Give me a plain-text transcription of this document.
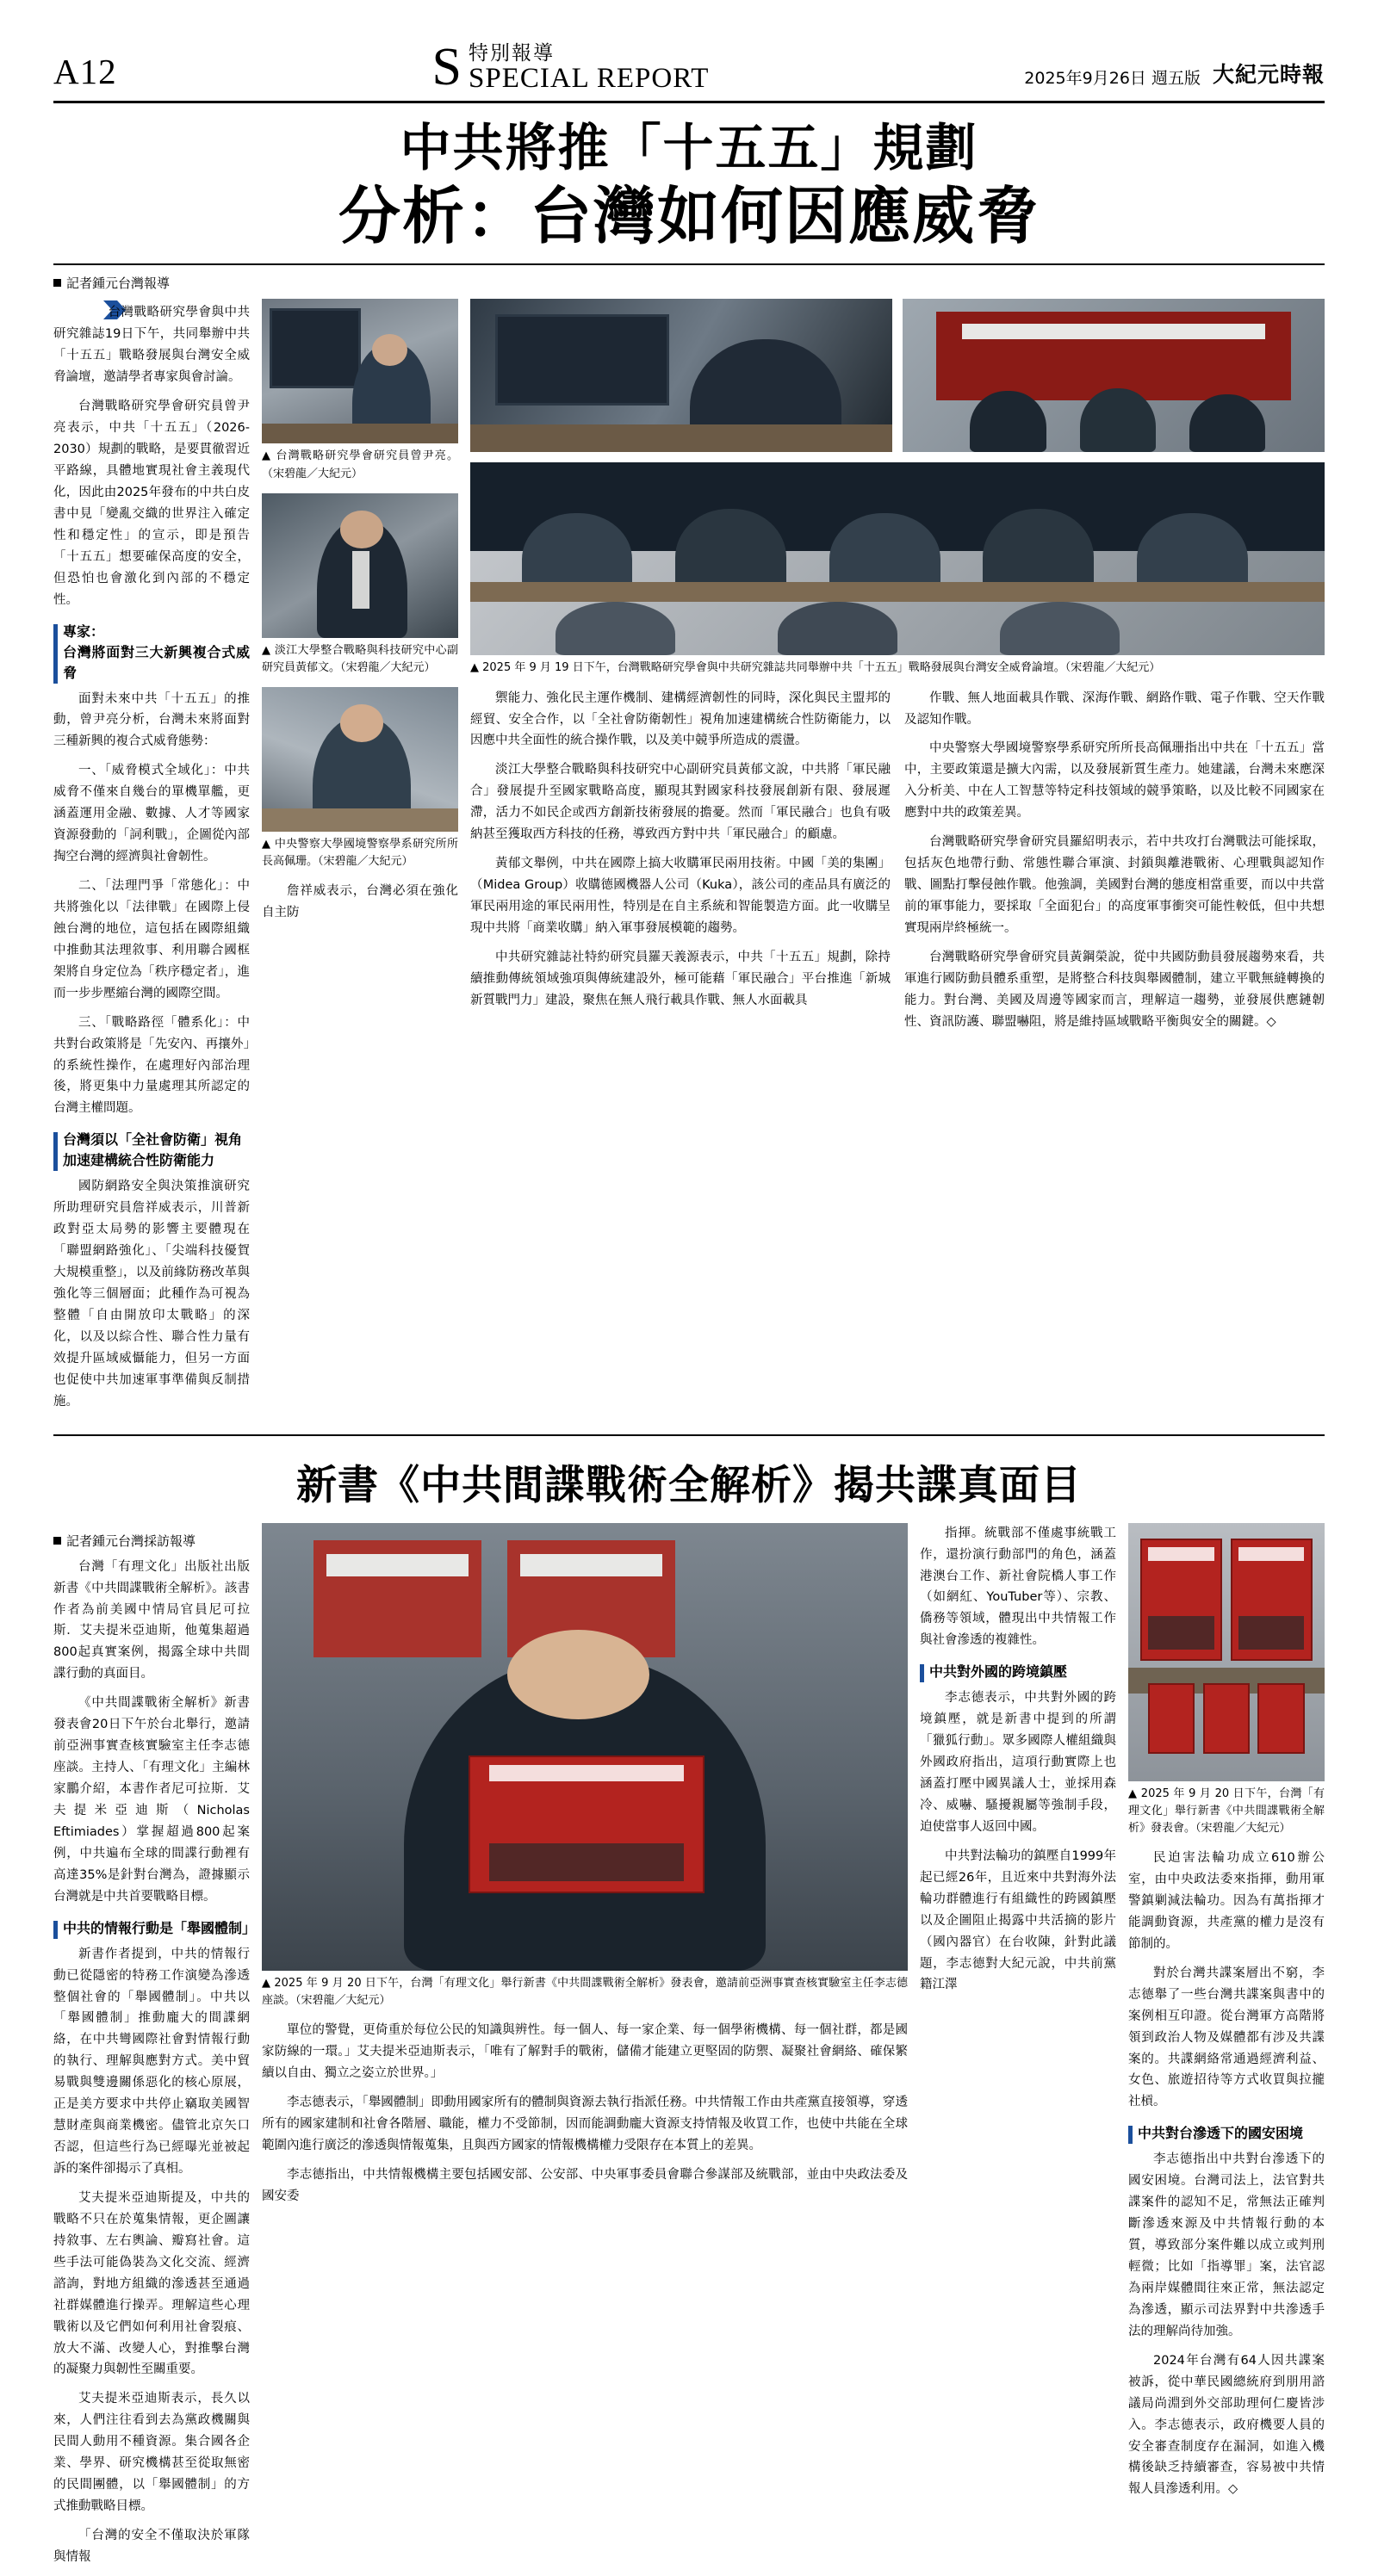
A12	S 特別報導
SPECIAL REPORT	2025年9月26日 週五版 大紀元時報
中共將推「十五五」規劃
分析：台灣如何因應威脅
記者鍾元台灣報導

台灣戰略研究學會與中共研究雜誌19日下午，共同舉辦中共「十五五」戰略發展與台灣安全威脅論壇，邀請學者專家與會討論。

台灣戰略研究學會研究員曾尹亮表示，中共「十五五」（2026-2030）規劃的戰略，是要貫徹習近平路線，具體地實現社會主義現代化，因此由2025年發布的中共白皮書中見「變亂交織的世界注入確定性和穩定性」的宣示，即是預告「十五五」想要確保高度的安全，但恐怕也會激化到內部的不穩定性。

專家：
台灣將面對三大新興複合式威脅

面對未來中共「十五五」的推動，曾尹亮分析，台灣未來將面對三種新興的複合式威脅態勢：

一、「威脅模式全域化」：中共威脅不僅來自幾台的單機單艦，更涵蓋運用金融、數據、人才等國家資源發動的「詞利戰」，企圖從內部掏空台灣的經濟與社會韌性。

二、「法理門爭「常態化」：中共將強化以「法律戰」在國際上侵蝕台灣的地位，這包括在國際組織中推動其法理敘事、利用聯合國框架將自身定位為「秩序穩定者」，進而一步步壓縮台灣的國際空間。

三、「戰略路徑「體系化」：中共對台政策將是「先安內、再攘外」的系統性操作，在處理好內部治理後，將更集中力量處理其所認定的台灣主權問題。

台灣須以「全社會防衛」視角
加速建構統合性防衛能力

國防網路安全與決策推演研究所助理研究員詹祥威表示，川普新政對亞太局勢的影響主要體現在「聯盟網路強化」、「尖端科技優賀大規模重整」，以及前緣防務改革與強化等三個層面；此種作為可視為整體「自由開放印太戰略」的深化，以及以綜合性、聯合性力量有效提升區域威懾能力，但另一方面也促使中共加速軍事準備與反制措施。

▲ 台灣戰略研究學會研究員曾尹亮。（宋碧龍／大紀元）
▲ 淡江大學整合戰略與科技研究中心副研究員黃郁文。（宋碧龍／大紀元）
▲ 中央警察大學國境警察學系研究所所長高佩珊。（宋碧龍／大紀元）

詹祥威表示，台灣必須在強化自主防

▲ 2025 年 9 月 19 日下午，台灣戰略研究學會與中共研究雜誌共同舉辦中共「十五五」戰略發展與台灣安全威脅論壇。（宋碧龍／大紀元）

禦能力、強化民主運作機制、建構經濟韌性的同時，深化與民主盟邦的經貿、安全合作，以「全社會防衛韌性」視角加速建構統合性防衛能力，以因應中共全面性的統合操作戰，以及美中競爭所造成的震盪。

淡江大學整合戰略與科技研究中心副研究員黃郁文說，中共將「軍民融合」發展提升至國家戰略高度，顯現其對國家科技發展創新有限、發展遲滯，活力不如民企或西方創新技術發展的擔憂。然而「軍民融合」也負有吸納甚至獲取西方科技的任務，導致西方對中共「軍民融合」的顧慮。

黃郁文舉例，中共在國際上搞大收購軍民兩用技術。中國「美的集團」（Midea Group）收購德國機器人公司（Kuka），該公司的產品具有廣泛的軍民兩用途的軍民兩用性，特別是在自主系統和智能製造方面。此一收購呈現中共將「商業收購」納入軍事發展模範的趨勢。

中共研究雜誌社特約研究員羅天義源表示，中共「十五五」規劃，除持續推動傳統領域強項與傳統建設外，極可能藉「軍民融合」平台推進「新城新質戰門力」建設，聚焦在無人飛行載具作戰、無人水面載具

作戰、無人地面載具作戰、深海作戰、網路作戰、電子作戰、空天作戰及認知作戰。

中央警察大學國境警察學系研究所所長高佩珊指出中共在「十五五」當中，主要政策還是擴大內需，以及發展新質生產力。她建議，台灣未來應深入分析美、中在人工智慧等特定科技領域的競爭策略，以及比較不同國家在應對中共的政策差異。

台灣戰略研究學會研究員羅紹明表示，若中共攻打台灣戰法可能採取，包括灰色地帶行動、常態性聯合軍演、封鎖與離港戰術、心理戰與認知作戰、圖點打擊侵蝕作戰。他強調，美國對台灣的態度相當重要，而以中共當前的軍事能力，要採取「全面犯台」的高度軍事衝突可能性較低，但中共想實現兩岸終極統一。

台灣戰略研究學會研究員黃鋼榮說，從中共國防動員發展趨勢來看，共軍進行國防動員體系重塑，是將整合科技與舉國體制，建立平戰無縫轉換的能力。對台灣、美國及周邊等國家而言，理解這一趨勢，並發展供應鏈韌性、資訊防護、聯盟嚇阻，將是維持區域戰略平衡與安全的關鍵。◇

新書《中共間諜戰術全解析》揭共諜真面目
記者鍾元台灣採訪報導

台灣「有理文化」出版社出版新書《中共間諜戰術全解析》。該書作者為前美國中情局官員尼可拉斯．艾夫提米亞迪斯，他蒐集超過800起真實案例，揭露全球中共間諜行動的真面目。

《中共間諜戰術全解析》新書發表會20日下午於台北舉行，邀請前亞洲事實查核實驗室主任李志德座談。主持人、「有理文化」主編林家鵬介紹，本書作者尼可拉斯．艾夫提米亞迪斯（Nicholas Eftimiades）掌握超過800起案例，中共遍布全球的間諜行動裡有高達35%是針對台灣為，證據顯示台灣就是中共首要戰略目標。

中共的情報行動是「舉國體制」

新書作者提到，中共的情報行動已從隱密的特務工作演變為滲透整個社會的「舉國體制」。中共以「舉國體制」推動龐大的間諜網絡，在中共彎國際社會對情報行動的執行、理解與應對方式。美中貿易戰與雙邊關係惡化的核心原展，正是美方要求中共停止竊取美國智慧財產與商業機密。儘管北京矢口否認，但這些行為已經曝光並被起訴的案件卻揭示了真相。

艾夫提米亞迪斯提及，中共的戰略不只在於蒐集情報，更企圖讓持敘事、左右輿論、瓣寫社會。這些手法可能偽裝為文化交流、經濟諮詢，對地方組織的滲透甚至通過社群媒體進行操弄。理解這些心理戰術以及它們如何利用社會裂痕、放大不滿、改變人心，對推擊台灣的凝聚力與韌性至關重要。

艾夫提米亞迪斯表示，長久以來，人們注往看到去為黨政機關與民間人動用不種資源。集合國各企業、學界、研究機構甚至從取無密的民間團體，以「舉國體制」的方式推動戰略目標。

「台灣的安全不僅取決於軍隊與情報

▲ 2025 年 9 月 20 日下午，台灣「有理文化」舉行新書《中共間諜戰術全解析》發表會，邀請前亞洲事實查核實驗室主任李志德座談。（宋碧龍／大紀元）

單位的警覺，更倚重於每位公民的知識與辨性。每一個人、每一家企業、每一個學術機構、每一個社群，都是國家防線的一環。」艾夫提米亞迪斯表示，「唯有了解對手的戰術，儲備才能建立更堅固的防禦、凝聚社會網絡、確保繁續以自由、獨立之姿立於世界。」

李志德表示，「舉國體制」即動用國家所有的體制與資源去執行指派任務。中共情報工作由共產黨直接領導，穿透所有的國家建制和社會各階層、職能，權力不受節制，因而能調動龐大資源支持情報及收買工作，也使中共能在全球範圍內進行廣泛的滲透與情報蒐集，且與西方國家的情報機構權力受限存在本質上的差異。

李志德指出，中共情報機構主要包括國安部、公安部、中央軍事委員會聯合參謀部及統戰部，並由中央政法委及國安委

指揮。統戰部不僅處事統戰工作，還扮演行動部門的角色，涵蓋港澳台工作、新社會院橋人事工作（如網紅、YouTuber等）、宗教、僑務等領域，體現出中共情報工作與社會滲透的複雜性。

中共對外國的跨境鎮壓

李志德表示，中共對外國的跨境鎮壓，就是新書中提到的所謂「獵狐行動」。眾多國際人權組織與外國政府指出，這項行動實際上也涵蓋打壓中國異議人士，並採用森冷、威嚇、騷擾親屬等強制手段，迫使當事人返回中國。

中共對法輪功的鎮壓自1999年起已經26年，且近來中共對海外法輪功群體進行有組織性的跨國鎮壓以及企圖阻止揭露中共活摘的影片（國內器官）在台收陳，針對此議題，李志德對大紀元說，中共前黨籍江澤

▲ 2025 年 9 月 20 日下午，台灣「有理文化」舉行新書《中共間諜戰術全解析》發表會。（宋碧龍／大紀元）

民迫害法輪功成立610辦公室，由中央政法委來指揮，動用軍警鎮剿減法輪功。因為有萬指揮才能調動資源，共產黨的權力是沒有節制的。

對於台灣共諜案層出不窮，李志德舉了一些台灣共諜案與書中的案例相互印證。從台灣軍方高階將領到政治人物及媒體都有涉及共諜案的。共諜網絡常通過經濟利益、女色、旅遊招待等方式收買與拉攏社槓。

中共對台滲透下的國安困境

李志德指出中共對台滲透下的國安困境。台灣司法上，法官對共諜案件的認知不足，常無法正確判斷滲透來源及中共情報行動的本質，導致部分案件難以成立或判刑輕微；比如「指導罪」案，法官認為兩岸媒體間往來正常，無法認定為滲透，顯示司法界對中共滲透手法的理解尚待加強。

2024年台灣有64人因共諜案被訴，從中華民國總統府到朋用諮議局尚淵到外交部助理何仁慶皆涉入。李志德表示，政府機要人員的安全審查制度存在漏洞，如進入機構後缺乏持續審查，容易被中共情報人員滲透利用。◇
